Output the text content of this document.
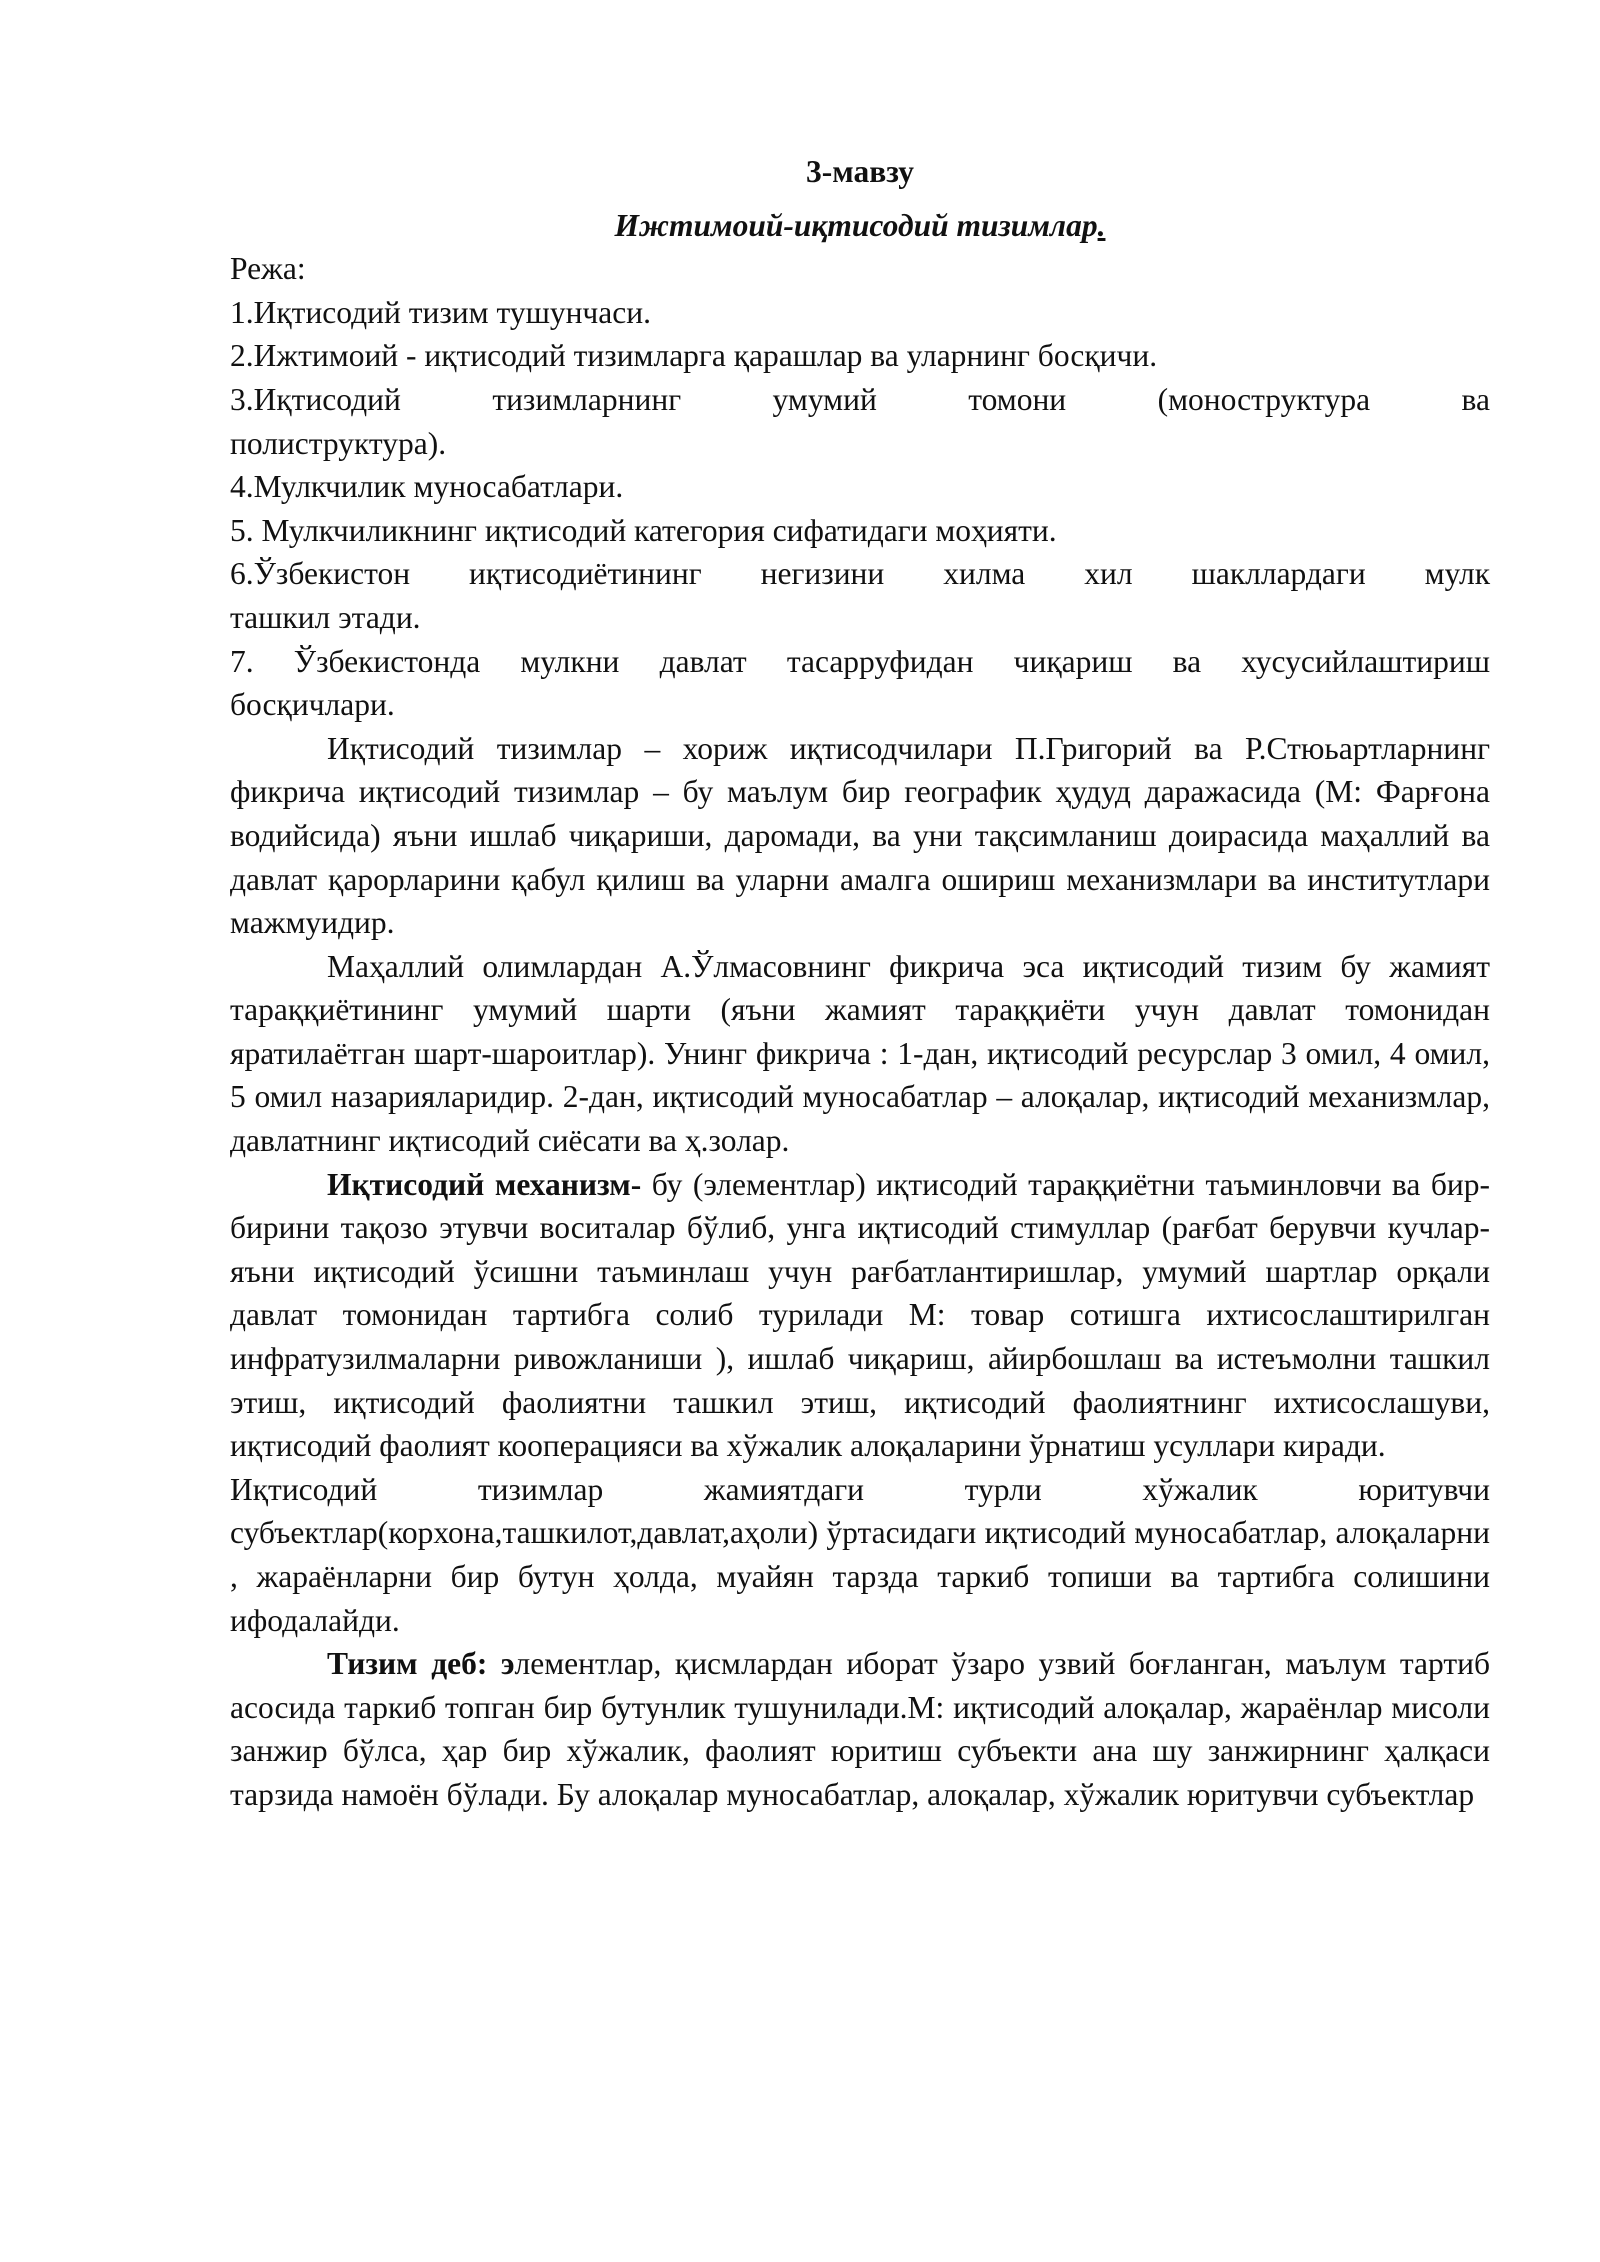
3-мавзу
Ижтимоий-иқтисодий тизимлар.
Режа:
1.Иқтисодий тизим тушунчаси.
2.Ижтимоий - иқтисодий тизимларга қарашлар ва уларнинг босқичи.
3.Иқтисодий тизимларнинг умумий томони (моноструктура ва
полиструктура).
4.Мулкчилик муносабатлари.
5. Мулкчиликнинг иқтисодий категория сифатидаги моҳияти.
6.Ўзбекистон иқтисодиётининг негизини хилма хил шакллардаги мулк
ташкил этади.
7. Ўзбекистонда мулкни давлат тасарруфидан чиқариш ва хусусийлаштириш
босқичлари.

Иқтисодий тизимлар – хориж иқтисодчилари П.Григорий ва Р.Стюьартларнинг фикрича иқтисодий тизимлар – бу маълум бир географик ҳудуд даражасида (М: Фарғона водийсида) яъни ишлаб чиқариши, даромади, ва уни тақсимланиш доирасида маҳаллий ва давлат қарорларини қабул қилиш ва уларни амалга ошириш механизмлари ва институтлари мажмуидир.

Маҳаллий олимлардан А.Ўлмасовнинг фикрича эса иқтисодий тизим бу жамият тараққиётининг умумий шарти (яъни жамият тараққиёти учун давлат томонидан яратилаётган шарт-шароитлар). Унинг фикрича : 1-дан, иқтисодий ресурслар 3 омил, 4 омил, 5 омил назарияларидир. 2-дан, иқтисодий муносабатлар – алоқалар, иқтисодий механизмлар, давлатнинг иқтисодий сиёсати ва ҳ.золар.

Иқтисодий механизм- бу (элементлар) иқтисодий тараққиётни таъминловчи ва бир-бирини тақозо этувчи воситалар бўлиб, унга иқтисодий стимуллар (рағбат берувчи кучлар-яъни иқтисодий ўсишни таъминлаш учун рағбатлантиришлар, умумий шартлар орқали давлат томонидан тартибга солиб турилади М: товар сотишга ихтисослаштирилган инфратузилмаларни ривожланиши ), ишлаб чиқариш, айирбошлаш ва истеъмолни ташкил этиш, иқтисодий фаолиятни ташкил этиш, иқтисодий фаолиятнинг ихтисослашуви, иқтисодий фаолият кооперацияси ва хўжалик алоқаларини ўрнатиш усуллари киради.

Иқтисодий тизимлар жамиятдаги турли хўжалик юритувчи субъектлар(корхона,ташкилот,давлат,аҳоли) ўртасидаги иқтисодий муносабатлар, алоқаларни , жараёнларни бир бутун ҳолда, муайян тарзда таркиб топиши ва тартибга солишини ифодалайди.

Тизим деб: элементлар, қисмлардан иборат ўзаро узвий боғланган, маълум тартиб асосида таркиб топган бир бутунлик тушунилади.М: иқтисодий алоқалар, жараёнлар мисоли занжир бўлса, ҳар бир хўжалик, фаолият юритиш субъекти ана шу занжирнинг ҳалқаси тарзида намоён бўлади. Бу алоқалар муносабатлар, алоқалар, хўжалик юритувчи субъектлар
